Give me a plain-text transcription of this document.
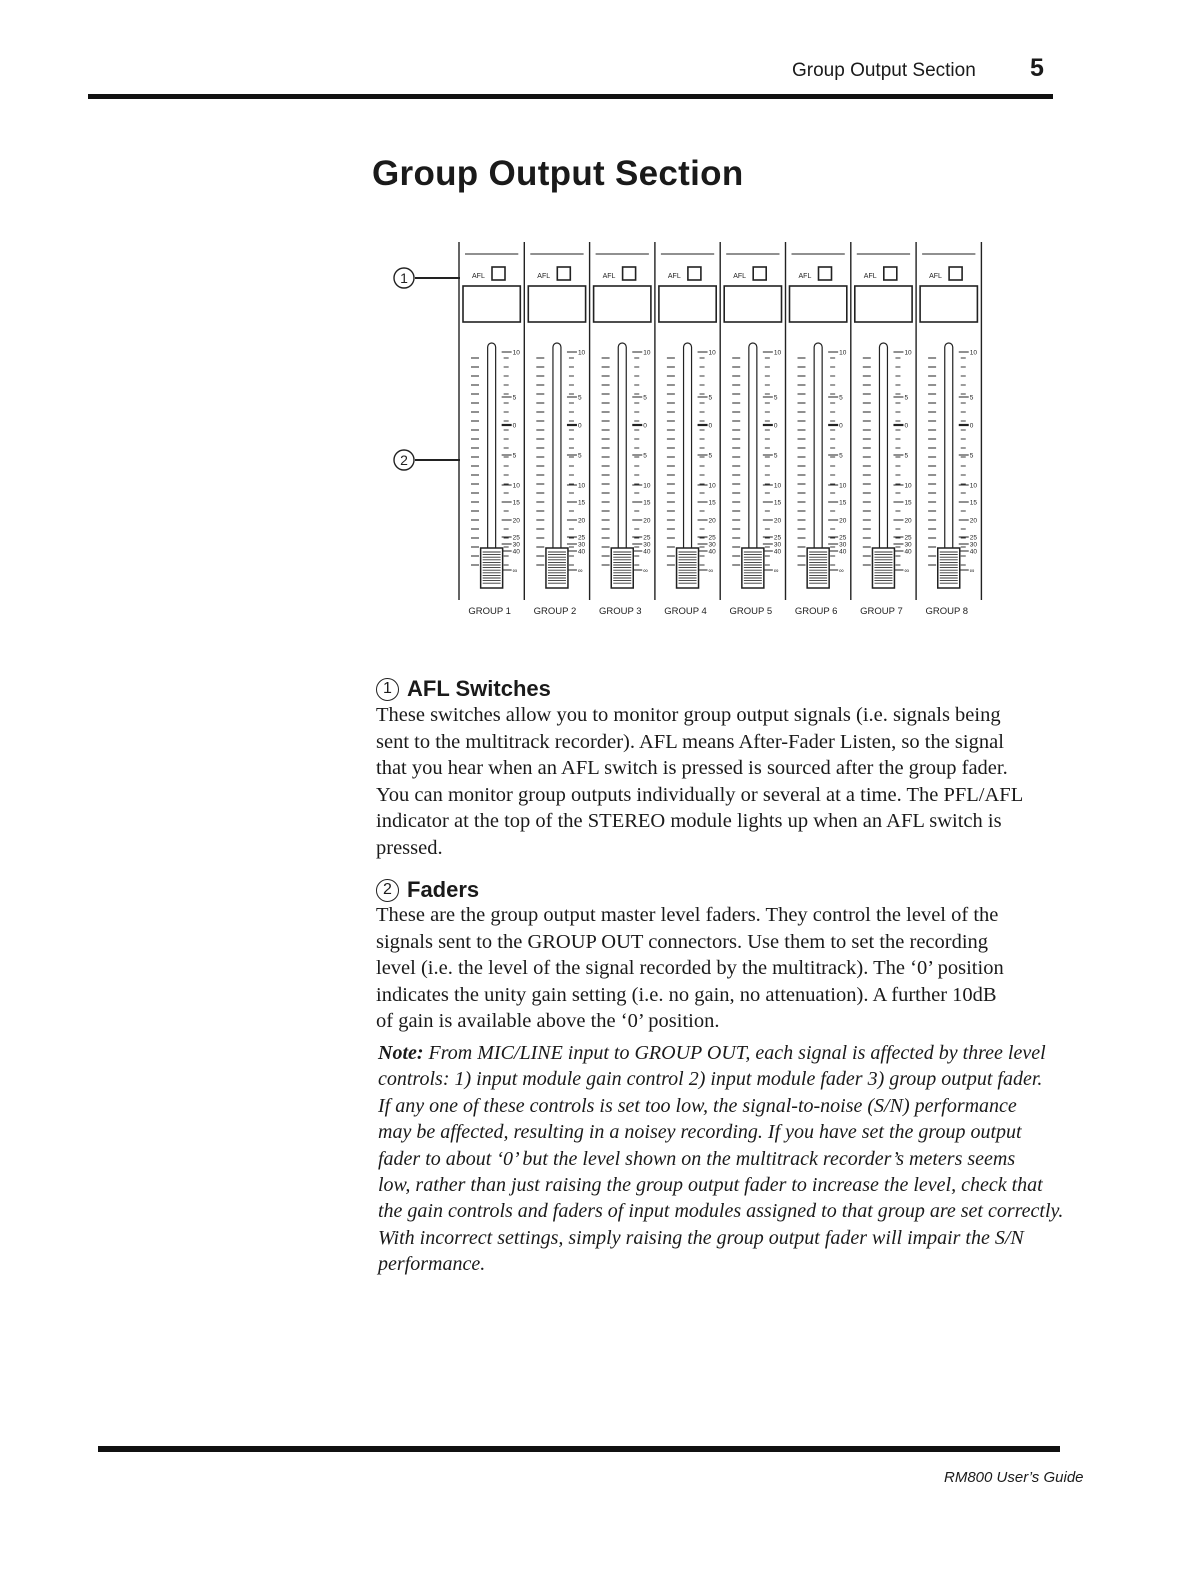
Group Output Section 5
Group Output Section
1
2
AFL
10
5
0
5
10
15
20
25
30
40
∞
GROUP 1
AFL
10
5
0
5
10
15
20
25
30
40
∞
GROUP 2
AFL
10
5
0
5
10
15
20
25
30
40
∞
GROUP 3
AFL
10
5
0
5
10
15
20
25
30
40
∞
GROUP 4
AFL
10
5
0
5
10
15
20
25
30
40
∞
GROUP 5
AFL
10
5
0
5
10
15
20
25
30
40
∞
GROUP 6
AFL
10
5
0
5
10
15
20
25
30
40
∞
GROUP 7
AFL
10
5
0
5
10
15
20
25
30
40
∞
GROUP 8
1 AFL Switches
These switches allow you to monitor group output signals (i.e. signals being
sent to the multitrack recorder). AFL means After-Fader Listen, so the signal
that you hear when an AFL switch is pressed is sourced after the group fader.
You can monitor group outputs individually or several at a time. The PFL/AFL
indicator at the top of the STEREO module lights up when an AFL switch is
pressed.
2 Faders
These are the group output master level faders. They control the level of the
signals sent to the GROUP OUT connectors. Use them to set the recording
level (i.e. the level of the signal recorded by the multitrack). The ‘0’ position
indicates the unity gain setting (i.e. no gain, no attenuation). A further 10dB
of gain is available above the ‘0’ position.
Note: From MIC/LINE input to GROUP OUT, each signal is affected by three level
controls: 1) input module gain control 2) input module fader 3) group output fader.
If any one of these controls is set too low, the signal-to-noise (S/N) performance
may be affected, resulting in a noisey recording. If you have set the group output
fader to about ‘0’ but the level shown on the multitrack recorder’s meters seems
low, rather than just raising the group output fader to increase the level, check that
the gain controls and faders of input modules assigned to that group are set correctly.
With incorrect settings, simply raising the group output fader will impair the S/N
performance.
RM800 User’s Guide
